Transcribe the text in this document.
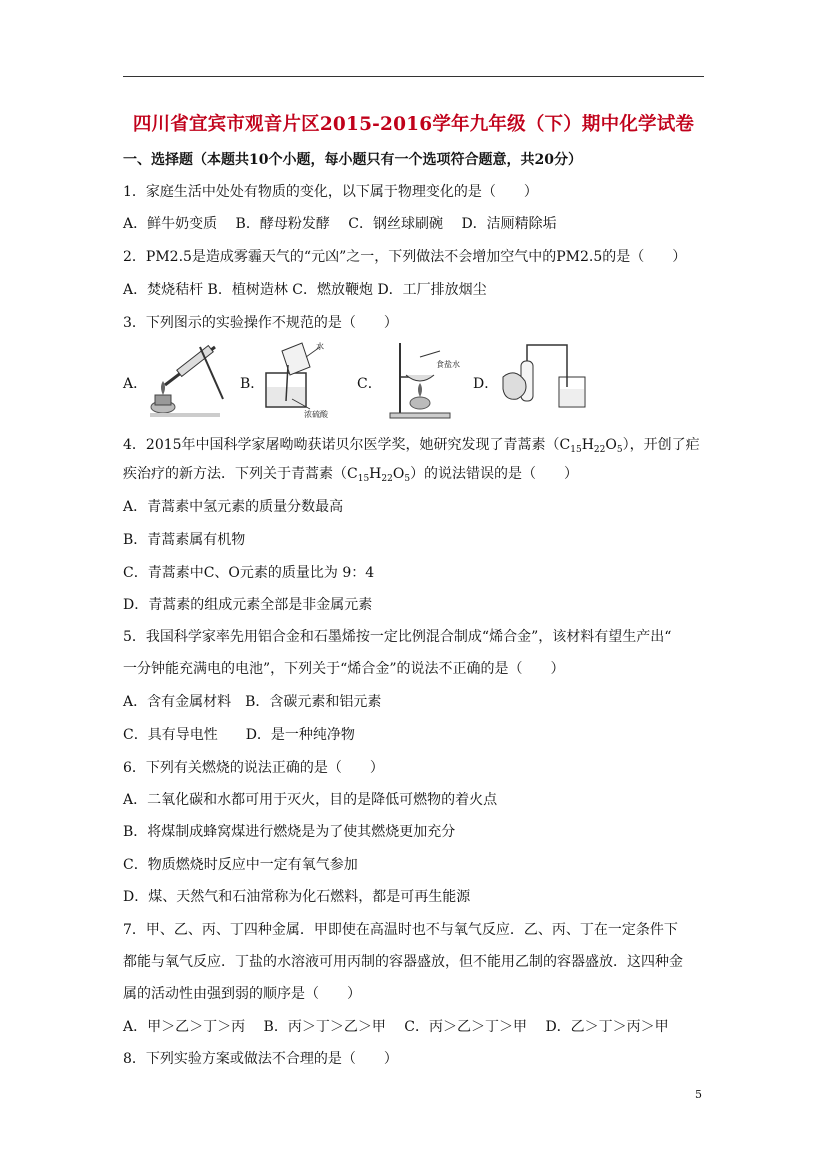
四川省宜宾市观音片区2015-2016学年九年级（下）期中化学试卷
一、选择题（本题共10个小题，每小题只有一个选项符合题意，共20分）
1．家庭生活中处处有物质的变化，以下属于物理变化的是（　　）
A．鲜牛奶变质　 B．酵母粉发酵　 C．钢丝球刷碗　 D．洁厕精除垢
2．PM2.5是造成雾霾天气的“元凶”之一，下列做法不会增加空气中的PM2.5的是（　　）
A．焚烧秸杆 B．植树造林 C．燃放鞭炮 D．工厂排放烟尘
3．下列图示的实验操作不规范的是（　　）
A．	B．
水
浓硫酸
C．
食盐水
D．
4．2015年中国科学家屠呦呦获诺贝尔医学奖，她研究发现了青蒿素$(C_{15}H_{22}O_5)$，开创了疟
疾治疗的新方法．下列关于青蒿素$(C_{15}H_{22}O_5)$的说法错误的是（　　）
A．青蒿素中氢元素的质量分数最高
B．青蒿素属有机物
C．青蒿素中C、O元素的质量比为 9：4
D．青蒿素的组成元素全部是非金属元素
5．我国科学家率先用铝合金和石墨烯按一定比例混合制成“烯合金”，该材料有望生产出“
一分钟能充满电的电池”，下列关于“烯合金”的说法不正确的是（　　）
A．含有金属材料　B．含碳元素和铝元素
C．具有导电性　　D．是一种纯净物
6．下列有关燃烧的说法正确的是（　　）
A．二氧化碳和水都可用于灭火，目的是降低可燃物的着火点
B．将煤制成蜂窝煤进行燃烧是为了使其燃烧更加充分
C．物质燃烧时反应中一定有氧气参加
D．煤、天然气和石油常称为化石燃料，都是可再生能源
7．甲、乙、丙、丁四种金属．甲即使在高温时也不与氧气反应．乙、丙、丁在一定条件下
都能与氧气反应．丁盐的水溶液可用丙制的容器盛放，但不能用乙制的容器盛放．这四种金
属的活动性由强到弱的顺序是（　　）
A．甲＞乙＞丁＞丙　 B．丙＞丁＞乙＞甲　 C．丙＞乙＞丁＞甲　 D．乙＞丁＞丙＞甲
8．下列实验方案或做法不合理的是（　　）
5
